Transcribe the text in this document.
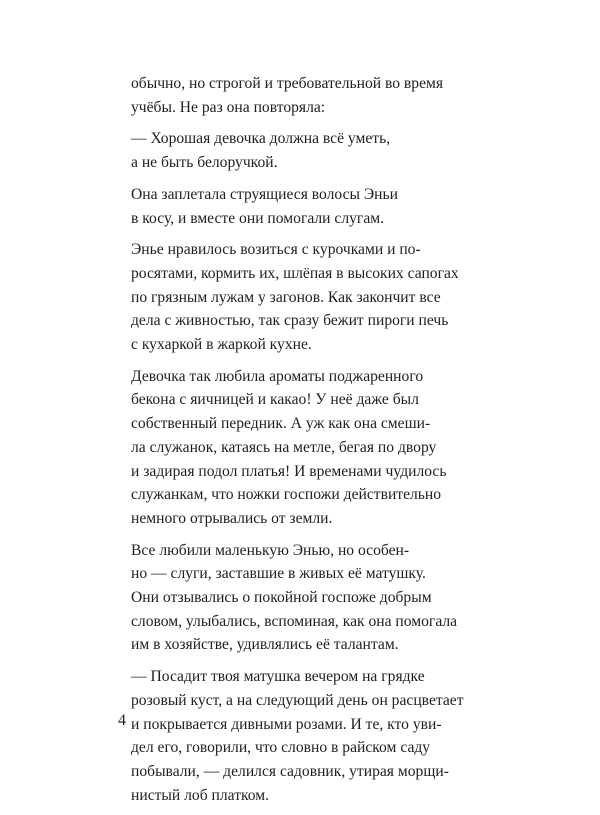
обычно, но строгой и требовательной во время
учёбы. Не раз она повторяла:

— Хорошая девочка должна всё уметь,
а не быть белоручкой.

Она заплетала струящиеся волосы Эньи
в косу, и вместе они помогали слугам.

Энье нравилось возиться с курочками и по-
росятами, кормить их, шлёпая в высоких сапогах
по грязным лужам у загонов. Как закончит все
дела с живностью, так сразу бежит пироги печь
с кухаркой в жаркой кухне.

Девочка так любила ароматы поджаренного
бекона с яичницей и какао! У неё даже был
собственный передник. А уж как она смеши-
ла служанок, катаясь на метле, бегая по двору
и задирая подол платья! И временами чудилось
служанкам, что ножки госпожи действительно
немного отрывались от земли.

Все любили маленькую Энью, но особен-
но — слуги, заставшие в живых её матушку.
Они отзывались о покойной госпоже добрым
словом, улыбались, вспоминая, как она помогала
им в хозяйстве, удивлялись её талантам.

— Посадит твоя матушка вечером на грядке
розовый куст, а на следующий день он расцветает
и покрывается дивными розами. И те, кто уви-
дел его, говорили, что словно в райском саду
побывали, — делился садовник, утирая морщи-
нистый лоб платком.

4
